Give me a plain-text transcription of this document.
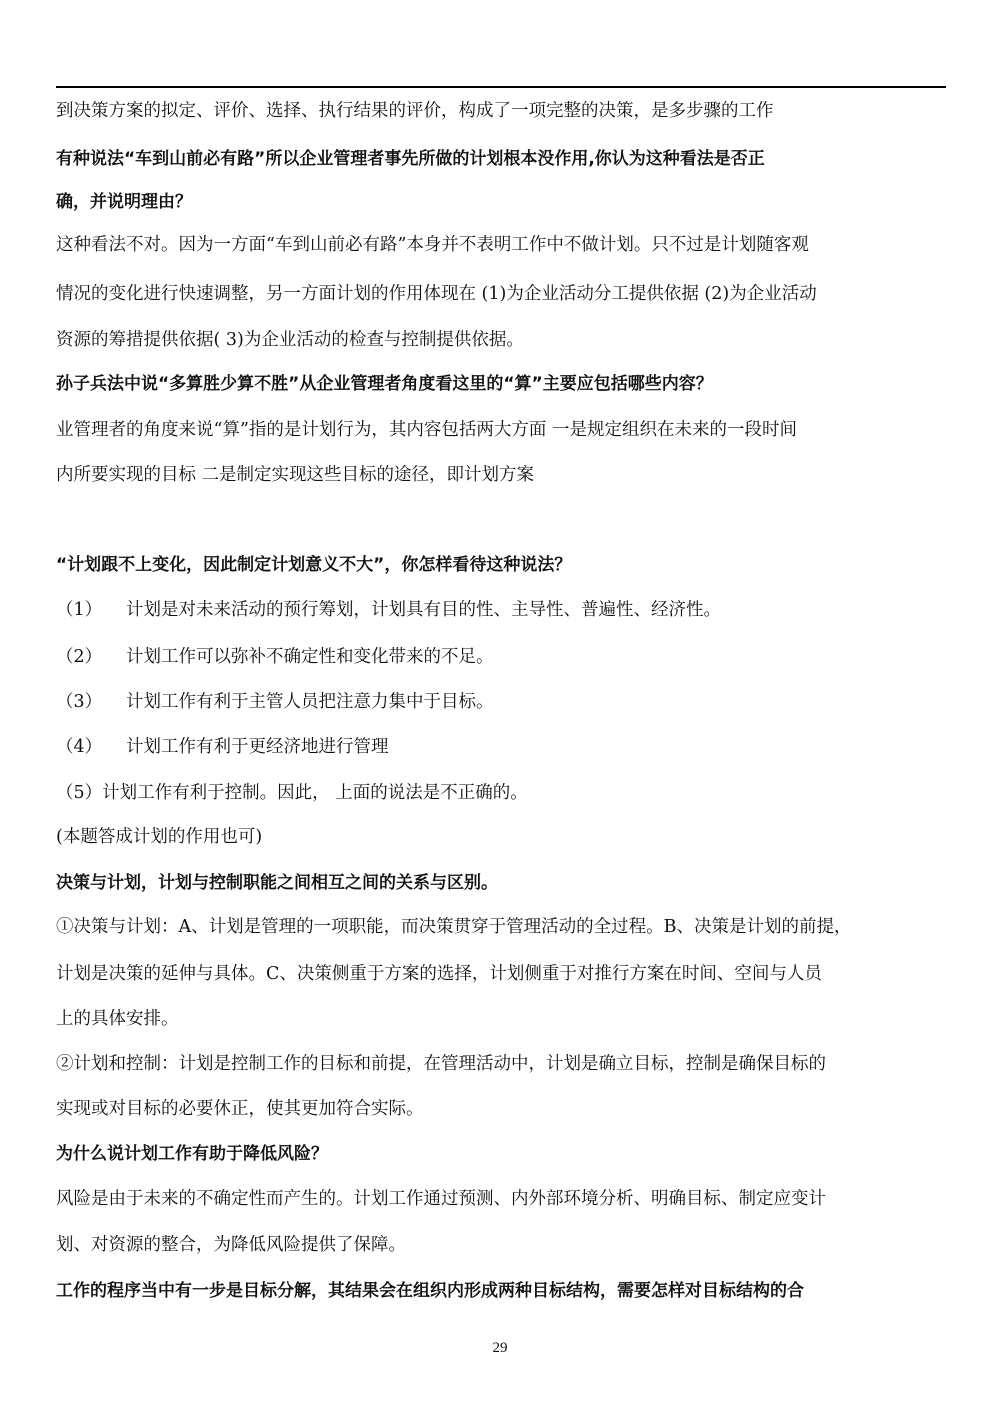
到决策方案的拟定、评价、选择、执行结果的评价，构成了一项完整的决策，是多步骤的工作
有种说法“车到山前必有路”所以企业管理者事先所做的计划根本没作用,你认为这种看法是否正
确，并说明理由？
这种看法不对。因为一方面“车到山前必有路”本身并不表明工作中不做计划。只不过是计划随客观
情况的变化进行快速调整，另一方面计划的作用体现在 (1)为企业活动分工提供依据 (2)为企业活动
资源的筹措提供依据( 3)为企业活动的检查与控制提供依据。
孙子兵法中说“多算胜少算不胜”从企业管理者角度看这里的“算”主要应包括哪些内容？
业管理者的角度来说“算”指的是计划行为，其内容包括两大方面 一是规定组织在未来的一段时间
内所要实现的目标 二是制定实现这些目标的途径，即计划方案
“计划跟不上变化，因此制定计划意义不大”，你怎样看待这种说法？
（1） 计划是对未来活动的预行筹划，计划具有目的性、主导性、普遍性、经济性。
（2） 计划工作可以弥补不确定性和变化带来的不足。
（3） 计划工作有利于主管人员把注意力集中于目标。
（4） 计划工作有利于更经济地进行管理
（5）计划工作有利于控制。因此， 上面的说法是不正确的。
(本题答成计划的作用也可)
决策与计划，计划与控制职能之间相互之间的关系与区别。
①决策与计划：A、计划是管理的一项职能，而决策贯穿于管理活动的全过程。B、决策是计划的前提，
计划是决策的延伸与具体。C、决策侧重于方案的选择，计划侧重于对推行方案在时间、空间与人员
上的具体安排。
②计划和控制：计划是控制工作的目标和前提，在管理活动中，计划是确立目标，控制是确保目标的
实现或对目标的必要休正，使其更加符合实际。
为什么说计划工作有助于降低风险？
风险是由于未来的不确定性而产生的。计划工作通过预测、内外部环境分析、明确目标、制定应变计
划、对资源的整合，为降低风险提供了保障。
工作的程序当中有一步是目标分解，其结果会在组织内形成两种目标结构，需要怎样对目标结构的合
29
